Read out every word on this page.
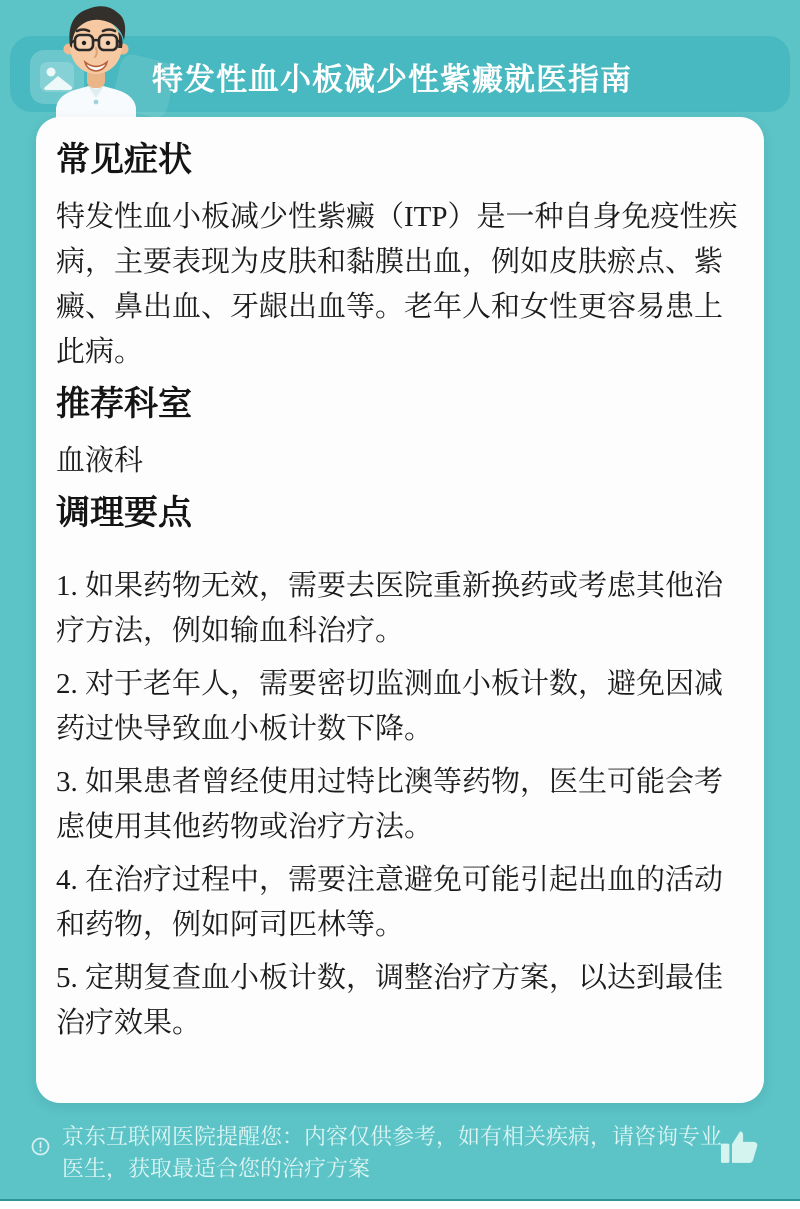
特发性血小板减少性紫癜就医指南
常见症状

特发性血小板减少性紫癜（ITP）是一种自身免疫性疾病，主要表现为皮肤和黏膜出血，例如皮肤瘀点、紫癜、鼻出血、牙龈出血等。老年人和女性更容易患上此病。

推荐科室

血液科

调理要点

1. 如果药物无效，需要去医院重新换药或考虑其他治疗方法，例如输血科治疗。

2. 对于老年人，需要密切监测血小板计数，避免因减药过快导致血小板计数下降。

3. 如果患者曾经使用过特比澳等药物，医生可能会考虑使用其他药物或治疗方法。

4. 在治疗过程中，需要注意避免可能引起出血的活动和药物，例如阿司匹林等。

5. 定期复查血小板计数，调整治疗方案，以达到最佳治疗效果。

京东互联网医院提醒您：内容仅供参考，如有相关疾病，请咨询专业医生，获取最适合您的治疗方案
